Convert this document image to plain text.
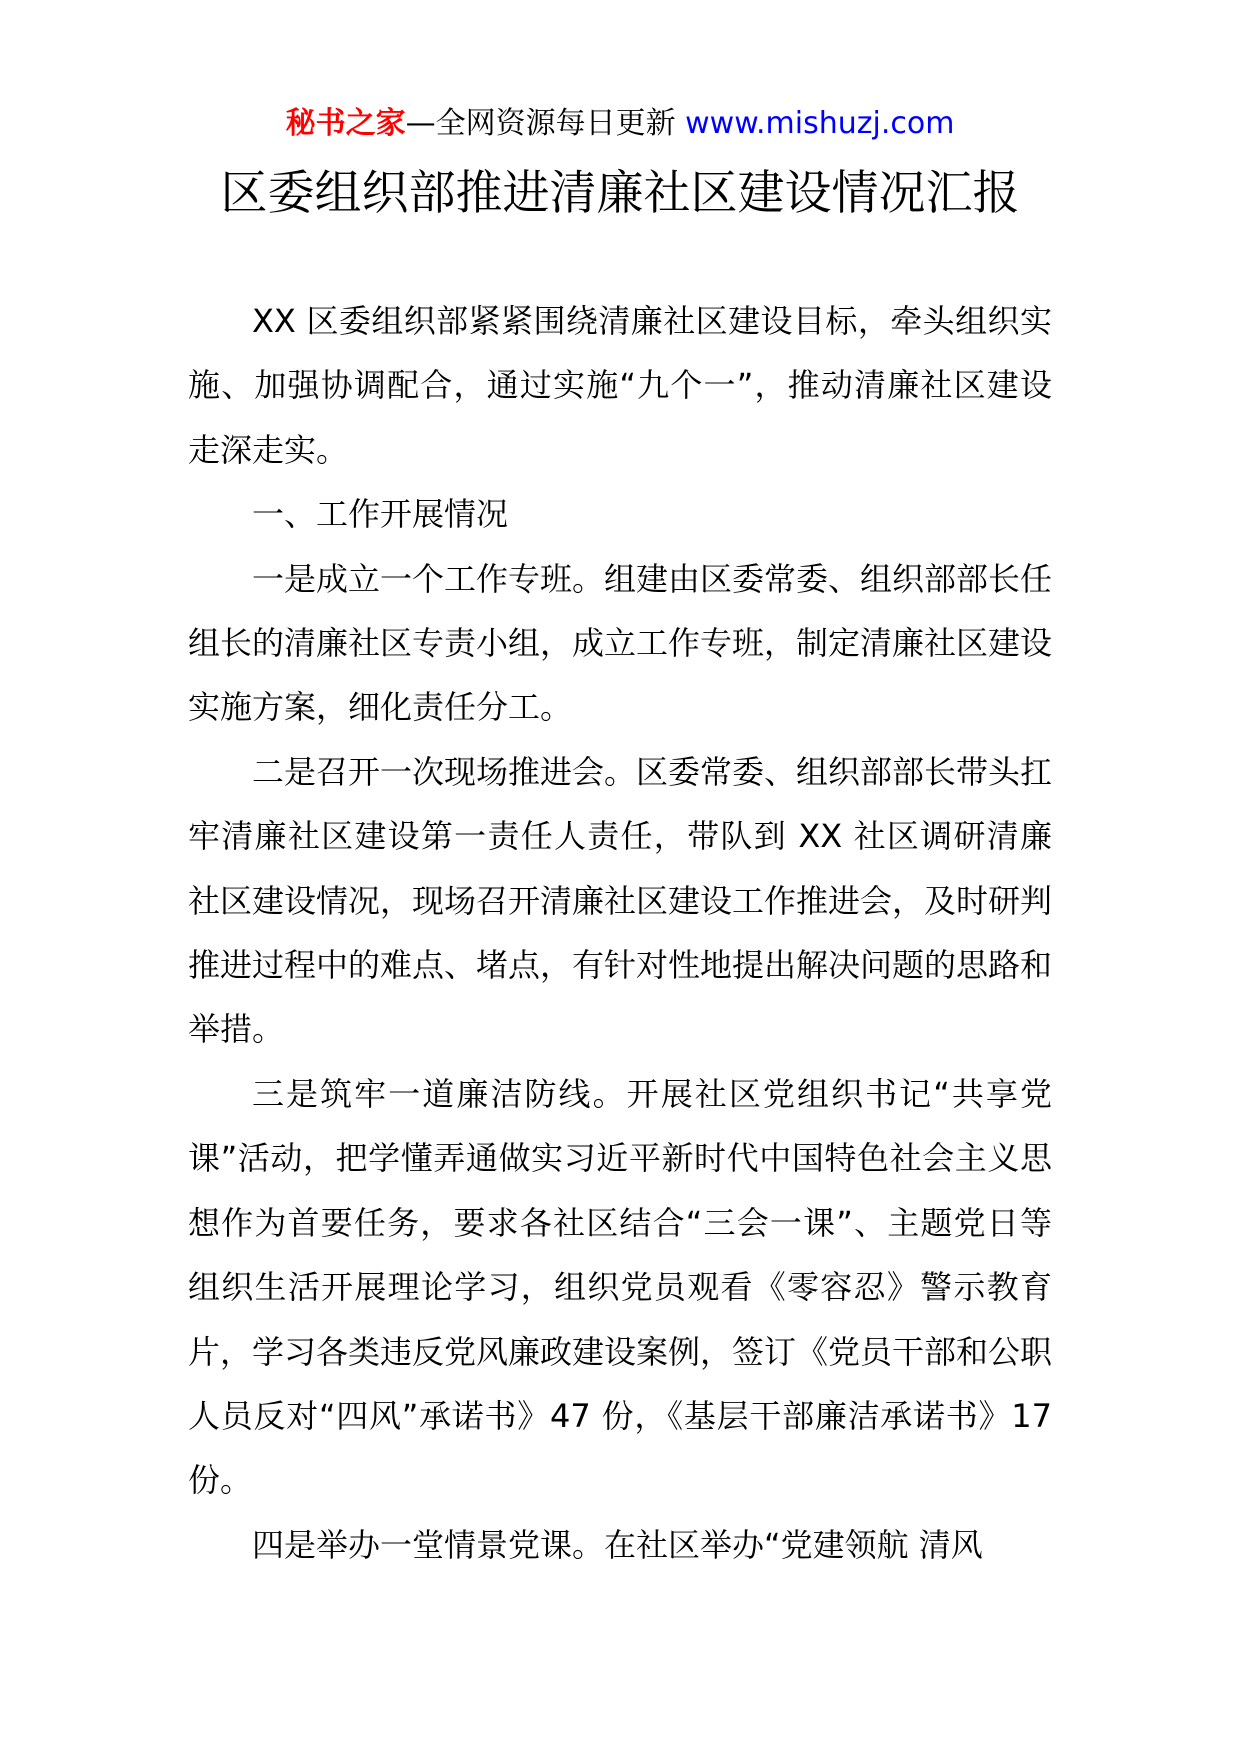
秘书之家—全网资源每日更新 www.mishuzj.com
区委组织部推进清廉社区建设情况汇报

XX 区委组织部紧紧围绕清廉社区建设目标，牵头组织实施、加强协调配合，通过实施“九个一”，推动清廉社区建设走深走实。

一、工作开展情况

一是成立一个工作专班。组建由区委常委、组织部部长任组长的清廉社区专责小组，成立工作专班，制定清廉社区建设实施方案，细化责任分工。

二是召开一次现场推进会。区委常委、组织部部长带头扛牢清廉社区建设第一责任人责任，带队到 XX 社区调研清廉社区建设情况，现场召开清廉社区建设工作推进会，及时研判推进过程中的难点、堵点，有针对性地提出解决问题的思路和举措。

三是筑牢一道廉洁防线。开展社区党组织书记“共享党课”活动，把学懂弄通做实习近平新时代中国特色社会主义思想作为首要任务，要求各社区结合“三会一课”、主题党日等组织生活开展理论学习，组织党员观看《零容忍》警示教育片，学习各类违反党风廉政建设案例，签订《党员干部和公职人员反对“四风”承诺书》47 份，《基层干部廉洁承诺书》17 份。

四是举办一堂情景党课。在社区举办“党建领航 清风
